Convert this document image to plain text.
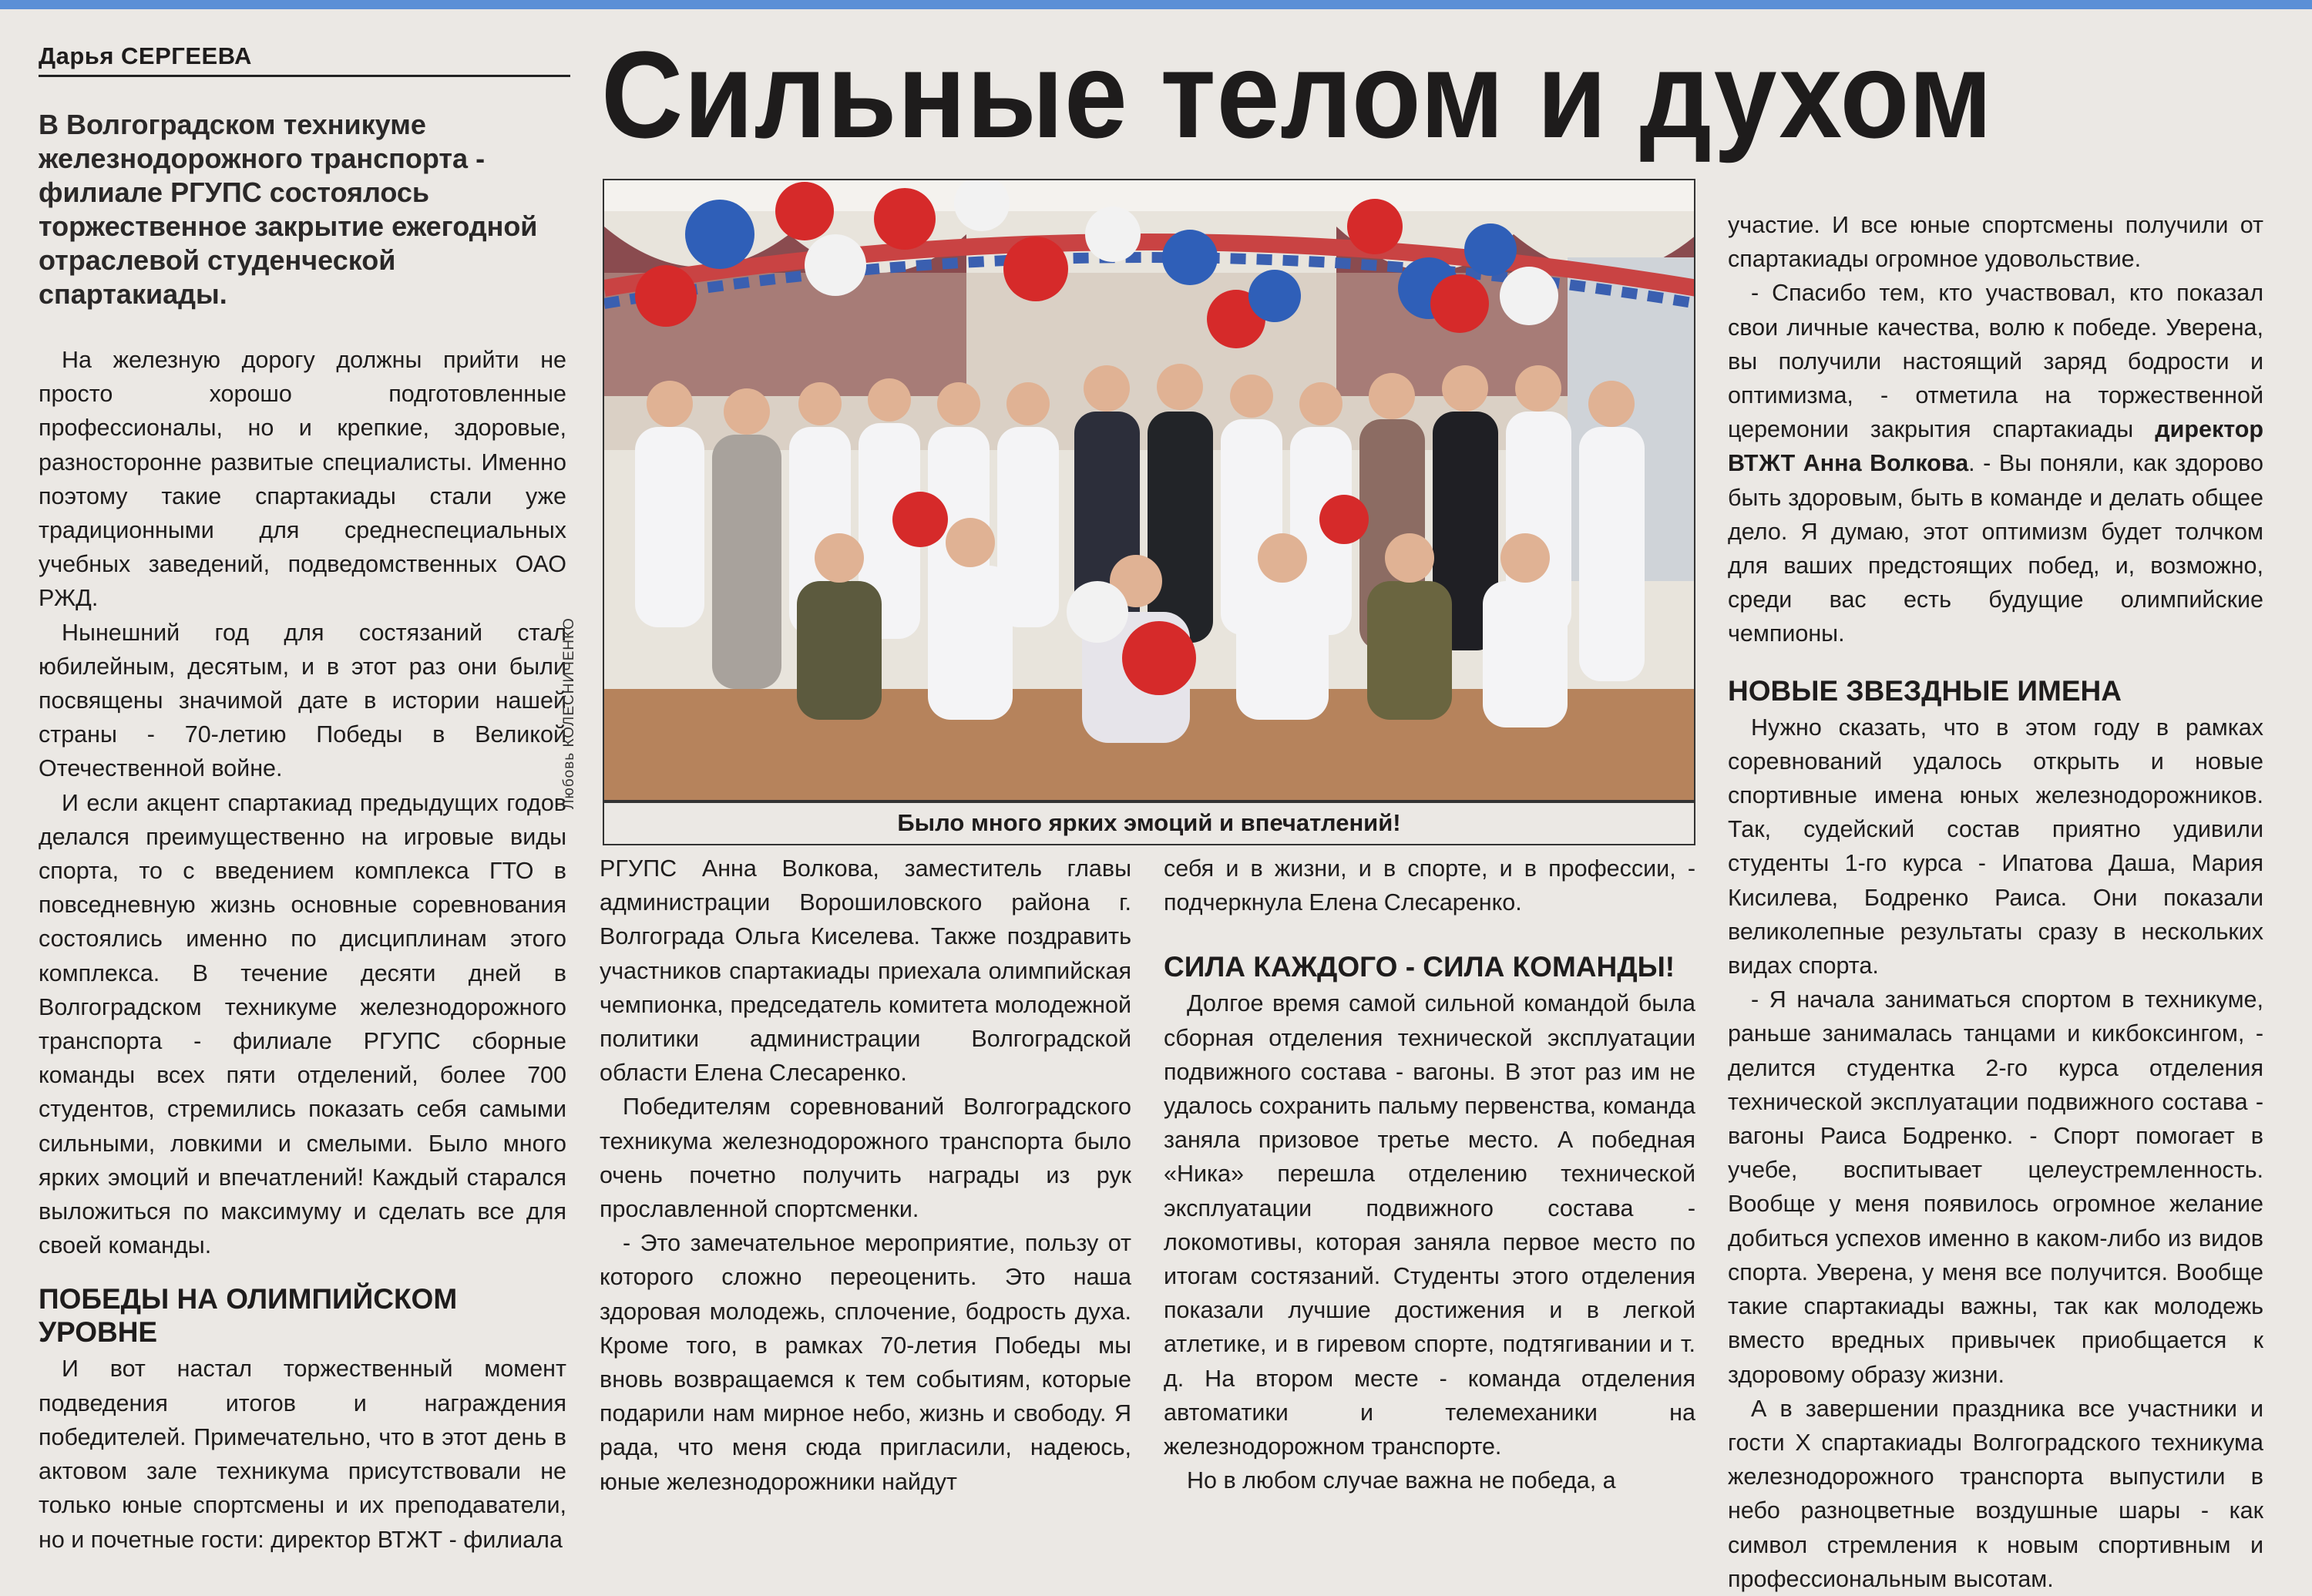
Дарья СЕРГЕЕВА
В Волгоградском техникуме железнодорожного транспорта - филиале РГУПС состоялось торжественное закрытие ежегодной отраслевой студенческой спартакиады.
Сильные телом и духом

На железную дорогу должны прийти не просто хорошо подготовленные профессионалы, но и крепкие, здоровые, разносторонне развитые специалисты. Именно поэтому такие спартакиады стали уже традиционными для среднеспециальных учебных заведений, подведомственных ОАО РЖД.

Нынешний год для состязаний стал юбилейным, десятым, и в этот раз они были посвящены значимой дате в истории нашей страны - 70-летию Победы в Великой Отечественной войне.

И если акцент спартакиад предыдущих годов делался преимущественно на игровые виды спорта, то с введением комплекса ГТО в повседневную жизнь основные соревнования состоялись именно по дисциплинам этого комплекса. В течение десяти дней в Волгоградском техникуме железнодорожного транспорта - филиале РГУПС сборные команды всех пяти отделений, более 700 студентов, стремились показать себя самыми сильными, ловкими и смелыми. Было много ярких эмоций и впечатлений! Каждый старался выложиться по максимуму и сделать все для своей команды.

ПОБЕДЫ НА ОЛИМПИЙСКОМ УРОВНЕ

И вот настал торжественный момент подведения итогов и награждения победителей. Примечательно, что в этот день в актовом зале техникума присутствовали не только юные спортсмены и их преподаватели, но и почетные гости: директор ВТЖТ - филиала

Было много ярких эмоций и впечатлений!
Любовь КОЛЕСНИЧЕНКО

РГУПС Анна Волкова, заместитель главы администрации Ворошиловского района г. Волгограда Ольга Киселева. Также поздравить участников спартакиады приехала олимпийская чемпионка, председатель комитета молодежной политики администрации Волгоградской области Елена Слесаренко.

Победителям соревнований Волгоградского техникума железнодорожного транспорта было очень почетно получить награды из рук прославленной спортсменки.

- Это замечательное мероприятие, пользу от которого сложно переоценить. Это наша здоровая молодежь, сплочение, бодрость духа. Кроме того, в рамках 70-летия Победы мы вновь возвращаемся к тем событиям, которые подарили нам мирное небо, жизнь и свободу. Я рада, что меня сюда пригласили, надеюсь, юные железнодорожники найдут

себя и в жизни, и в спорте, и в профессии, - подчеркнула Елена Слесаренко.

СИЛА КАЖДОГО - СИЛА КОМАНДЫ!

Долгое время самой сильной командой была сборная отделения технической эксплуатации подвижного состава - вагоны. В этот раз им не удалось сохранить пальму первенства, команда заняла призовое третье место. А победная «Ника» перешла отделению технической эксплуатации подвижного состава - локомотивы, которая заняла первое место по итогам состязаний. Студенты этого отделения показали лучшие достижения и в легкой атлетике, и в гиревом спорте, подтягивании и т. д. На втором месте - команда отделения автоматики и телемеханики на железнодорожном транспорте.

Но в любом случае важна не победа, а

участие. И все юные спортсмены получили от спартакиады огромное удовольствие.

- Спасибо тем, кто участвовал, кто показал свои личные качества, волю к победе. Уверена, вы получили настоящий заряд бодрости и оптимизма, - отметила на торжественной церемонии закрытия спартакиады директор ВТЖТ Анна Волкова. - Вы поняли, как здорово быть здоровым, быть в команде и делать общее дело. Я думаю, этот оптимизм будет толчком для ваших предстоящих побед, и, возможно, среди вас есть будущие олимпийские чемпионы.

НОВЫЕ ЗВЕЗДНЫЕ ИМЕНА

Нужно сказать, что в этом году в рамках соревнований удалось открыть и новые спортивные имена юных железнодорожников. Так, судейский состав приятно удивили студенты 1-го курса - Ипатова Даша, Мария Кисилева, Бодренко Раиса. Они показали великолепные результаты сразу в нескольких видах спорта.

- Я начала заниматься спортом в техникуме, раньше занималась танцами и кикбоксингом, - делится студентка 2-го курса отделения технической эксплуатации подвижного состава - вагоны Раиса Бодренко. - Спорт помогает в учебе, воспитывает целеустремленность. Вообще у меня появилось огромное желание добиться успехов именно в каком-либо из видов спорта. Уверена, у меня все получится. Вообще такие спартакиады важны, так как молодежь вместо вредных привычек приобщается к здоровому образу жизни.

А в завершении праздника все участники и гости X спартакиады Волгоградского техникума железнодорожного транспорта выпустили в небо разноцветные воздушные шары - как символ стремления к новым спортивным и профессиональным высотам.
